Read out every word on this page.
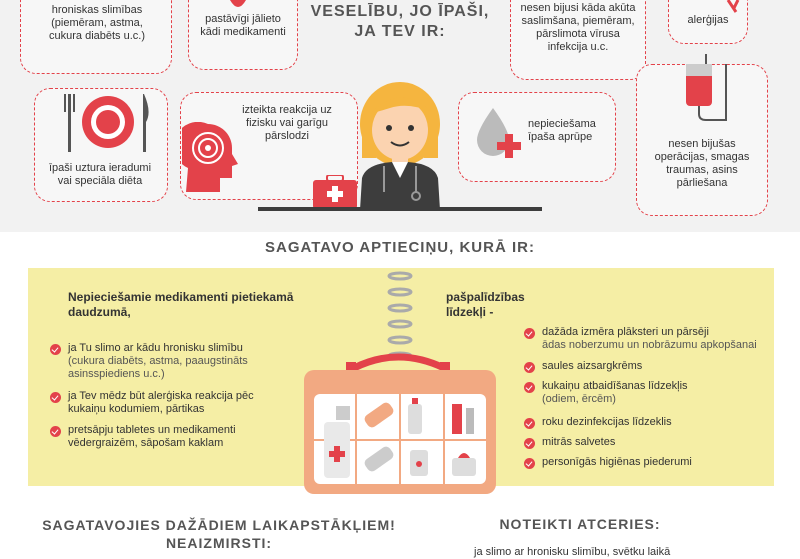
VESELĪBU, JO ĪPAŠI,
JA TEV IR:
hroniskas slimības (piemēram, astma, cukura diabēts u.c.)
pastāvīgi jālieto kādi medikamenti
nesen bijusi kāda akūta saslimšana, piemēram, pārslimota vīrusa infekcija u.c.
alerģijas
īpaši uztura ieradumi vai speciāla diēta
izteikta reakcija uz fizisku vai garīgu pārslodzi
nepieciešama īpaša aprūpe
nesen bijušas operācijas, smagas traumas, asins pārliešana
SAGATAVO APTIECIŅU, KURĀ IR:
Nepieciešamie medikamenti pietiekamā daudzumā,
ja Tu slimo ar kādu hronisku slimību
(cukura diabēts, astma, paaugstināts asinsspiediens u.c.)
ja Tev mēdz būt alerģiska reakcija pēc kukaiņu kodumiem, pārtikas
pretsāpju tabletes un medikamenti vēdergraizēm, sāpošam kaklam
pašpalīdzības līdzekļi -
dažāda izmēra plāksteri un pārsēji
ādas noberzumu un nobrāzumu apkopšanai
saules aizsargkrēms
kukaiņu atbaidīšanas līdzekļis
(odiem, ērcēm)
roku dezinfekcijas līdzeklis
mitrās salvetes
personīgās higiēnas piederumi
SAGATAVOJIES DAŽĀDIEM LAIKAPSTĀKĻIEM!
NEAIZMIRSTI:
NOTEIKTI ATCERIES:
ja slimo ar hronisku slimību, svētku laikā
